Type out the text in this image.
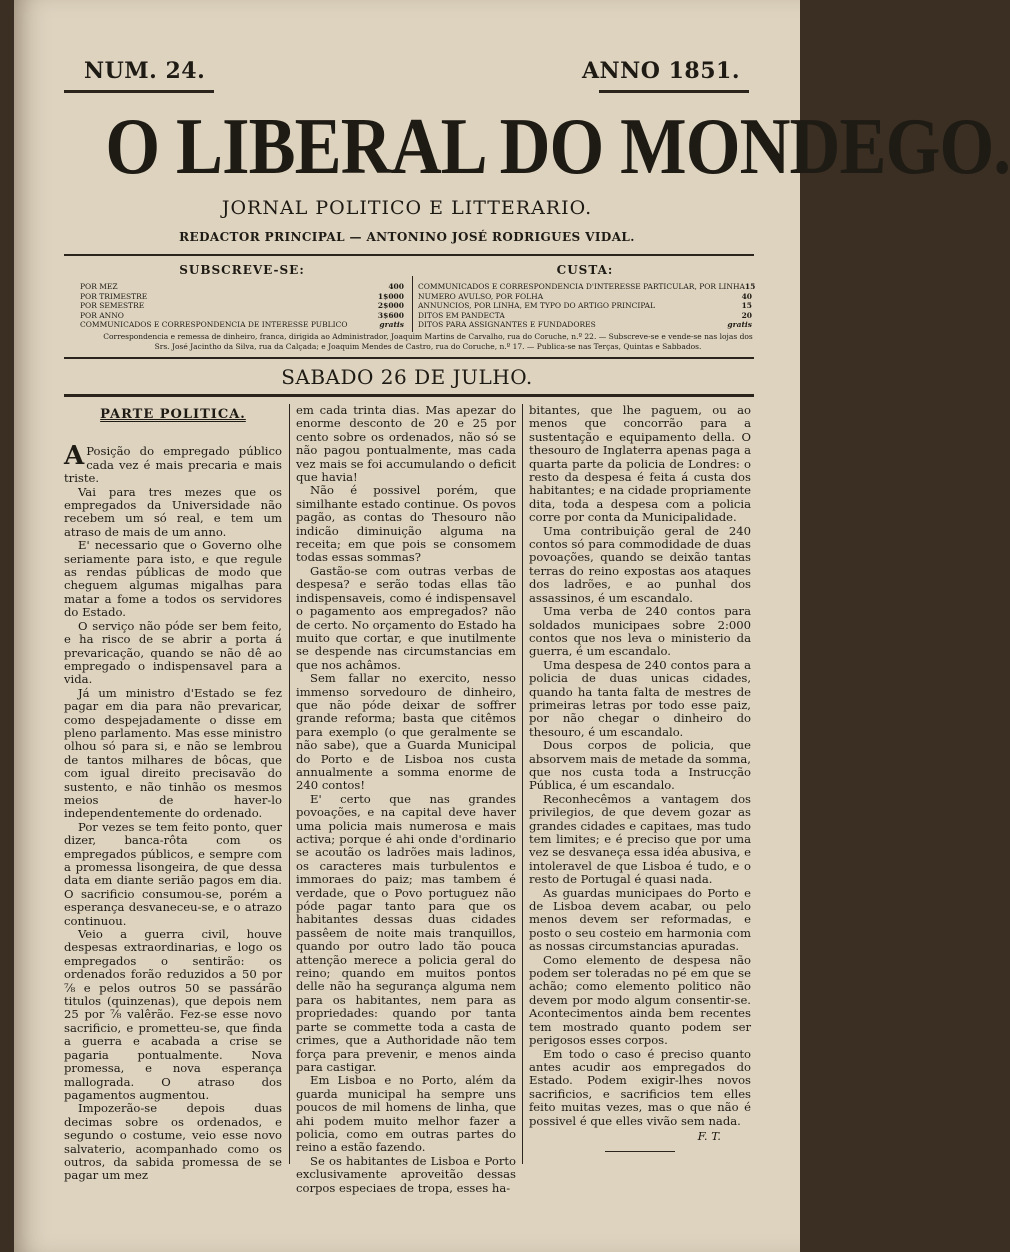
NUM. 24.	ANNO 1851.
O LIBERAL DO MONDEGO.
JORNAL POLITICO E LITTERARIO.
REDACTOR PRINCIPAL — ANTONINO JOSÉ RODRIGUES VIDAL.
SUBSCREVE-SE:
POR MEZ	400
POR TRIMESTRE	1$000
POR SEMESTRE	2$000
POR ANNO	3$600
COMMUNICADOS E CORRESPONDENCIA DE INTERESSE PUBLICO	gratis
CUSTA:
COMMUNICADOS E CORRESPONDENCIA D'INTERESSE PARTICULAR, POR LINHA 15
NUMERO AVULSO, POR FOLHA	40
ANNUNCIOS, POR LINHA, EM TYPO DO ARTIGO PRINCIPAL	15
DITOS EM PANDECTA	20
DITOS PARA ASSIGNANTES E FUNDADORES	gratis
Correspondencia e remessa de dinheiro, franca, dirigida ao Administrador, Joaquim Martins de Carvalho, rua do Coruche, n.º 22. — Subscreve-se e vende-se nas lojas dos Srs. José Jacintho da Silva, rua da Calçada; e Joaquim Mendes de Castro, rua do Coruche, n.º 17. — Publica-se nas Terças, Quintas e Sabbados.
SABADO 26 DE JULHO.
PARTE POLITICA.

A Posição do empregado público cada vez é mais precaria e mais triste.

Vai para tres mezes que os empregados da Universidade não recebem um só real, e tem um atraso de mais de um anno.

E' necessario que o Governo olhe seriamente para isto, e que regule as rendas públicas de modo que cheguem algumas migalhas para matar a fome a todos os servidores do Estado.

O serviço não póde ser bem feito, e ha risco de se abrir a porta á prevaricação, quando se não dê ao empregado o indispensavel para a vida.

Já um ministro d'Estado se fez pagar em dia para não prevaricar, como despejadamente o disse em pleno parlamento. Mas esse ministro olhou só para si, e não se lembrou de tantos milhares de bôcas, que com igual direito precisavão do sustento, e não tinhão os mesmos meios de haver-lo independentemente do ordenado.

Por vezes se tem feito ponto, quer dizer, banca-rôta com os empregados públicos, e sempre com a promessa lisongeira, de que dessa data em diante serião pagos em dia. O sacrificio consumou-se, porém a esperança desvaneceu-se, e o atrazo continuou.

Veio a guerra civil, houve despesas extraordinarias, e logo os empregados o sentirão: os ordenados forão reduzidos a 50 por ⅞ e pelos outros 50 se passárão titulos (quinzenas), que depois nem 25 por ⅞ valêrão. Fez-se esse novo sacrificio, e prometteu-se, que finda a guerra e acabada a crise se pagaria pontualmente. Nova promessa, e nova esperança mallograda. O atraso dos pagamentos augmentou.

Impozerão-se depois duas decimas sobre os ordenados, e segundo o costume, veio esse novo salvaterio, acompanhado como os outros, da sabida promessa de se pagar um mez

em cada trinta dias. Mas apezar do enorme desconto de 20 e 25 por cento sobre os ordenados, não só se não pagou pontualmente, mas cada vez mais se foi accumulando o deficit que havia!

Não é possivel porém, que similhante estado continue. Os povos pagão, as contas do Thesouro não indicão diminuição alguma na receita; em que pois se consomem todas essas sommas?

Gastão-se com outras verbas de despesa? e serão todas ellas tão indispensaveis, como é indispensavel o pagamento aos empregados? não de certo. No orçamento do Estado ha muito que cortar, e que inutilmente se despende nas circumstancias em que nos achâmos.

Sem fallar no exercito, nesso immenso sorvedouro de dinheiro, que não póde deixar de soffrer grande reforma; basta que citêmos para exemplo (o que geralmente se não sabe), que a Guarda Municipal do Porto e de Lisboa nos custa annualmente a somma enorme de 240 contos!

E' certo que nas grandes povoações, e na capital deve haver uma policia mais numerosa e mais activa; porque é ahi onde d'ordinario se acoutão os ladrões mais ladinos, os caracteres mais turbulentos e immoraes do paiz; mas tambem é verdade, que o Povo portuguez não póde pagar tanto para que os habitantes dessas duas cidades passêem de noite mais tranquillos, quando por outro lado tão pouca attenção merece a policia geral do reino; quando em muitos pontos delle não ha segurança alguma nem para os habitantes, nem para as propriedades: quando por tanta parte se commette toda a casta de crimes, que a Authoridade não tem força para prevenir, e menos ainda para castigar.

Em Lisboa e no Porto, além da guarda municipal ha sempre uns poucos de mil homens de linha, que ahi podem muito melhor fazer a policia, como em outras partes do reino a estão fazendo.

Se os habitantes de Lisboa e Porto exclusivamente aproveitão dessas corpos especiaes de tropa, esses ha-

bitantes, que lhe paguem, ou ao menos que concorrão para a sustentação e equipamento della. O thesouro de Inglaterra apenas paga a quarta parte da policia de Londres: o resto da despesa é feita á custa dos habitantes; e na cidade propriamente dita, toda a despesa com a policia corre por conta da Municipalidade.

Uma contribuição geral de 240 contos só para commodidade de duas povoações, quando se deixão tantas terras do reino expostas aos ataques dos ladrões, e ao punhal dos assassinos, é um escandalo.

Uma verba de 240 contos para soldados municipaes sobre 2:000 contos que nos leva o ministerio da guerra, é um escandalo.

Uma despesa de 240 contos para a policia de duas unicas cidades, quando ha tanta falta de mestres de primeiras letras por todo esse paiz, por não chegar o dinheiro do thesouro, é um escandalo.

Dous corpos de policia, que absorvem mais de metade da somma, que nos custa toda a Instrucção Pública, é um escandalo.

Reconhecêmos a vantagem dos privilegios, de que devem gozar as grandes cidades e capitaes, mas tudo tem limites; e é preciso que por uma vez se desvaneça essa idéa abusiva, e intoleravel de que Lisboa é tudo, e o resto de Portugal é quasi nada.

As guardas municipaes do Porto e de Lisboa devem acabar, ou pelo menos devem ser reformadas, e posto o seu costeio em harmonia com as nossas circumstancias apuradas.

Como elemento de despesa não podem ser toleradas no pé em que se achão; como elemento politico não devem por modo algum consentir-se. Acontecimentos ainda bem recentes tem mostrado quanto podem ser perigosos esses corpos.

Em todo o caso é preciso quanto antes acudir aos empregados do Estado. Podem exigir-lhes novos sacrificios, e sacrificios tem elles feito muitas vezes, mas o que não é possivel é que elles vivão sem nada.

F. T.
